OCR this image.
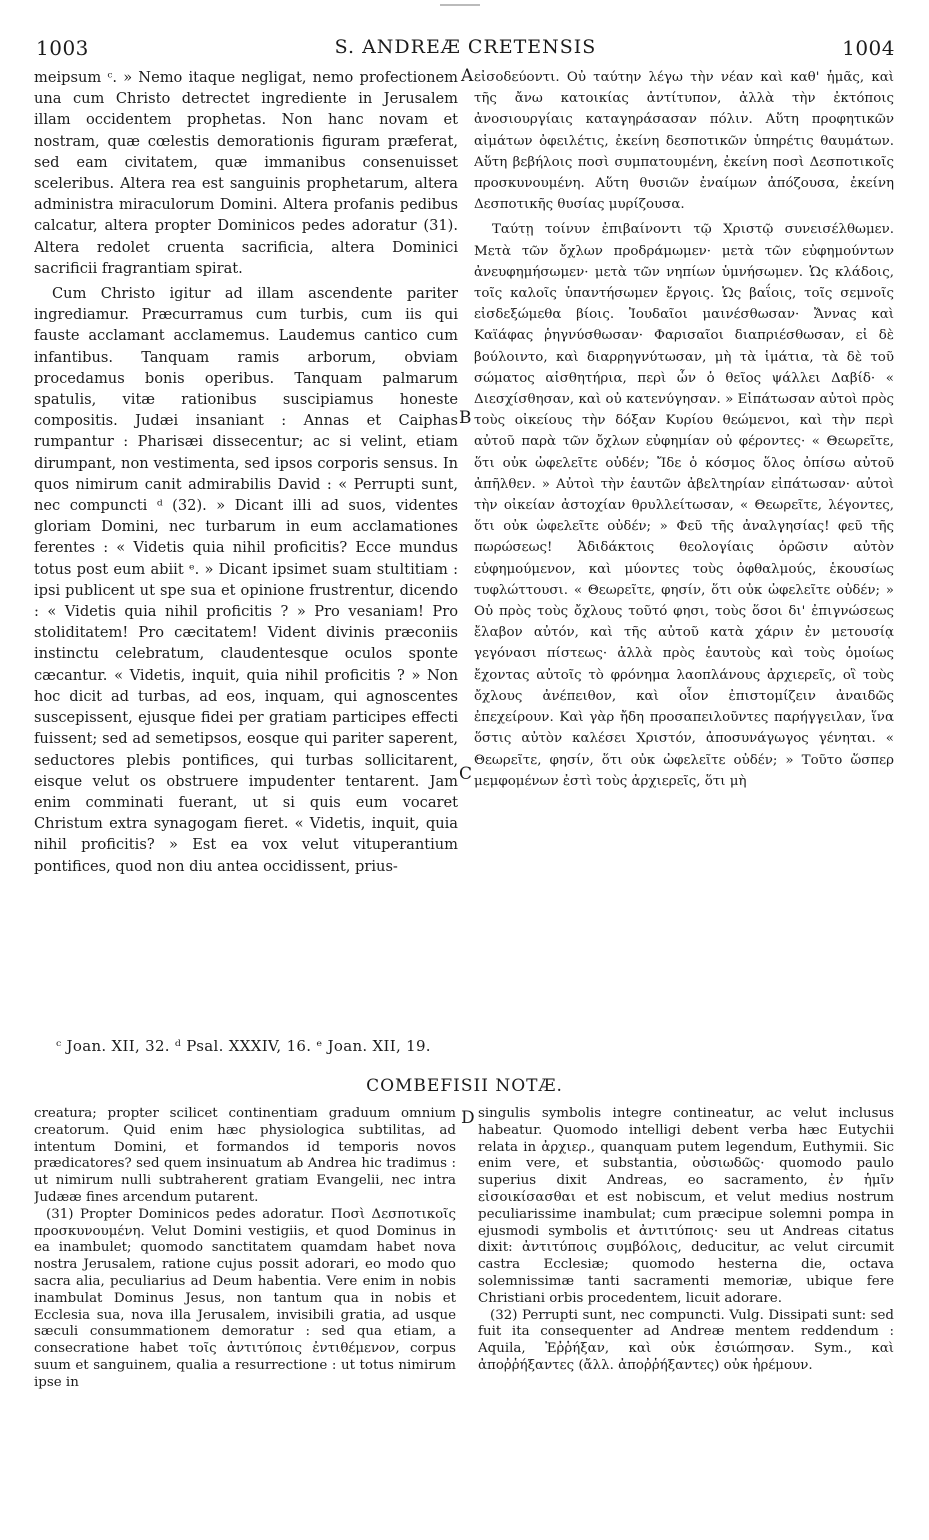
1003	S. ANDREÆ CRETENSIS	1004

meipsum ᶜ. » Nemo itaque negligat, nemo profectionem una cum Christo detrectet ingrediente in Jerusalem illam occidentem prophetas. Non hanc novam et nostram, quæ cœlestis demorationis figuram præferat, sed eam civitatem, quæ immanibus consenuisset sceleribus. Altera rea est sanguinis prophetarum, altera administra miraculorum Domini. Altera profanis pedibus calcatur, altera propter Dominicos pedes adoratur (31). Altera redolet cruenta sacrificia, altera Dominici sacrificii fragrantiam spirat.

Cum Christo igitur ad illam ascendente pariter ingrediamur. Præcurramus cum turbis, cum iis qui fauste acclamant acclamemus. Laudemus cantico cum infantibus. Tanquam ramis arborum, obviam procedamus bonis operibus. Tanquam palmarum spatulis, vitæ rationibus suscipiamus honeste compositis. Judæi insaniant : Annas et Caiphas rumpantur : Pharisæi dissecentur; ac si velint, etiam dirumpant, non vestimenta, sed ipsos corporis sensus. In quos nimirum canit admirabilis David : « Perrupti sunt, nec compuncti ᵈ (32). » Dicant illi ad suos, videntes gloriam Domini, nec turbarum in eum acclamationes ferentes : « Videtis quia nihil proficitis? Ecce mundus totus post eum abiit ᵉ. » Dicant ipsimet suam stultitiam : ipsi publicent ut spe sua et opinione frustrentur, dicendo : « Videtis quia nihil proficitis ? » Pro vesaniam! Pro stoliditatem! Pro cæcitatem! Vident divinis præconiis instinctu celebratum, claudentesque oculos sponte cæcantur. « Videtis, inquit, quia nihil proficitis ? » Non hoc dicit ad turbas, ad eos, inquam, qui agnoscentes suscepissent, ejusque fidei per gratiam participes effecti fuissent; sed ad semetipsos, eosque qui pariter saperent, seductores plebis pontifices, qui turbas sollicitarent, eisque velut os obstruere impudenter tentarent. Jam enim comminati fuerant, ut si quis eum vocaret Christum extra synagogam fieret. « Videtis, inquit, quia nihil proficitis? » Est ea vox velut vituperantium pontifices, quod non diu antea occidissent, prius-

A
B
C
D

εἰσοδεύοντι. Οὐ ταύτην λέγω τὴν νέαν καὶ καθ' ἡμᾶς, καὶ τῆς ἄνω κατοικίας ἀντίτυπον, ἀλλὰ τὴν ἐκτόποις ἀνοσιουργίαις καταγηράσασαν πόλιν. Αὕτη προφητικῶν αἱμάτων ὀφειλέτις, ἐκείνη δεσποτικῶν ὑπηρέτις θαυμάτων. Αὕτη βεβήλοις ποσὶ συμπατουμένη, ἐκείνη ποσὶ Δεσποτικοῖς προσκυνουμένη. Αὕτη θυσιῶν ἐναίμων ἀπόζουσα, ἐκείνη Δεσποτικῆς θυσίας μυρίζουσα.

Ταύτῃ τοίνυν ἐπιβαίνοντι τῷ Χριστῷ συνεισέλθωμεν. Μετὰ τῶν ὄχλων προδράμωμεν· μετὰ τῶν εὐφημούντων ἀνευφημήσωμεν· μετὰ τῶν νηπίων ὑμνήσωμεν. Ὡς κλάδοις, τοῖς καλοῖς ὑπαντήσωμεν ἔργοις. Ὡς βαΐοις, τοῖς σεμνοῖς εἰσδεξώμεθα βίοις. Ἰουδαῖοι μαινέσθωσαν· Ἄννας καὶ Καϊάφας ῥηγνύσθωσαν· Φαρισαῖοι διαπριέσθωσαν, εἰ δὲ βούλοιντο, καὶ διαρρηγνύτωσαν, μὴ τὰ ἱμάτια, τὰ δὲ τοῦ σώματος αἰσθητήρια, περὶ ὧν ὁ θεῖος ψάλλει Δαβίδ· « Διεσχίσθησαν, καὶ οὐ κατενύγησαν. » Εἰπάτωσαν αὐτοὶ πρὸς τοὺς οἰκείους τὴν δόξαν Κυρίου θεώμενοι, καὶ τὴν περὶ αὐτοῦ παρὰ τῶν ὄχλων εὐφημίαν οὐ φέροντες· « Θεωρεῖτε, ὅτι οὐκ ὠφελεῖτε οὐδέν; Ἴδε ὁ κόσμος ὅλος ὀπίσω αὐτοῦ ἀπῆλθεν. » Αὐτοὶ τὴν ἑαυτῶν ἀβελτηρίαν εἰπάτωσαν· αὐτοὶ τὴν οἰκείαν ἀστοχίαν θρυλλείτωσαν, « Θεωρεῖτε, λέγοντες, ὅτι οὐκ ὠφελεῖτε οὐδέν; » Φεῦ τῆς ἀναλγησίας! φεῦ τῆς πωρώσεως! Ἀδιδάκτοις θεολογίαις ὁρῶσιν αὐτὸν εὐφημούμενον, καὶ μύοντες τοὺς ὀφθαλμούς, ἑκουσίως τυφλώττουσι. « Θεωρεῖτε, φησίν, ὅτι οὐκ ὠφελεῖτε οὐδέν; » Οὐ πρὸς τοὺς ὄχλους τοῦτό φησι, τοὺς ὅσοι δι' ἐπιγνώσεως ἔλαβον αὐτόν, καὶ τῆς αὐτοῦ κατὰ χάριν ἐν μετουσίᾳ γεγόνασι πίστεως· ἀλλὰ πρὸς ἑαυτοὺς καὶ τοὺς ὁμοίως ἔχοντας αὐτοῖς τὸ φρόνημα λαοπλάνους ἀρχιερεῖς, οἳ τοὺς ὄχλους ἀνέπειθον, καὶ οἷον ἐπιστομίζειν ἀναιδῶς ἐπεχείρουν. Καὶ γὰρ ἤδη προσαπειλοῦντες παρήγγειλαν, ἵνα ὅστις αὐτὸν καλέσει Χριστόν, ἀποσυνάγωγος γένηται. « Θεωρεῖτε, φησίν, ὅτι οὐκ ὠφελεῖτε οὐδέν; » Τοῦτο ὥσπερ μεμφομένων ἐστὶ τοὺς ἀρχιερεῖς, ὅτι μὴ

ᶜ Joan. XII, 32. ᵈ Psal. XXXIV, 16. ᵉ Joan. XII, 19.
COMBEFISII NOTÆ.

creatura; propter scilicet continentiam graduum omnium creatorum. Quid enim hæc physiologica subtilitas, ad intentum Domini, et formandos id temporis novos prædicatores? sed quem insinuatum ab Andrea hic tradimus : ut nimirum nulli subtraherent gratiam Evangelii, nec intra Judææ fines arcendum putarent.

(31) Propter Dominicos pedes adoratur. Ποσὶ Δεσποτικοῖς προσκυνουμένη. Velut Domini vestigiis, et quod Dominus in ea inambulet; quomodo sanctitatem quamdam habet nova nostra Jerusalem, ratione cujus possit adorari, eo modo quo sacra alia, peculiarius ad Deum habentia. Vere enim in nobis inambulat Dominus Jesus, non tantum qua in nobis et Ecclesia sua, nova illa Jerusalem, invisibili gratia, ad usque sæculi consummationem demoratur : sed qua etiam, a consecratione habet τοῖς ἀντιτύποις ἐντιθέμενον, corpus suum et sanguinem, qualia a resurrectione : ut totus nimirum ipse in

singulis symbolis integre contineatur, ac velut inclusus habeatur. Quomodo intelligi debent verba hæc Eutychii relata in ἀρχιερ., quanquam putem legendum, Euthymii. Sic enim vere, et substantia, οὐσιωδῶς· quomodo paulo superius dixit Andreas, eo sacramento, ἐν ἡμῖν εἰσοικίσασθαι et est nobiscum, et velut medius nostrum peculiarissime inambulat; cum præcipue solemni pompa in ejusmodi symbolis et ἀντιτύποις· seu ut Andreas citatus dixit: ἀντιτύποις συμβόλοις, deducitur, ac velut circumit castra Ecclesiæ; quomodo hesterna die, octava solemnissimæ tanti sacramenti memoriæ, ubique fere Christiani orbis procedentem, licuit adorare.

(32) Perrupti sunt, nec compuncti. Vulg. Dissipati sunt: sed fuit ita consequenter ad Andreæ mentem reddendum : Aquila, Ἐῤῥήξαν, καὶ οὐκ ἐσιώπησαν. Sym., καὶ ἀποῤῥήξαντες (ἄλλ. ἀποῤῥήξαντες) οὐκ ἠρέμουν.
